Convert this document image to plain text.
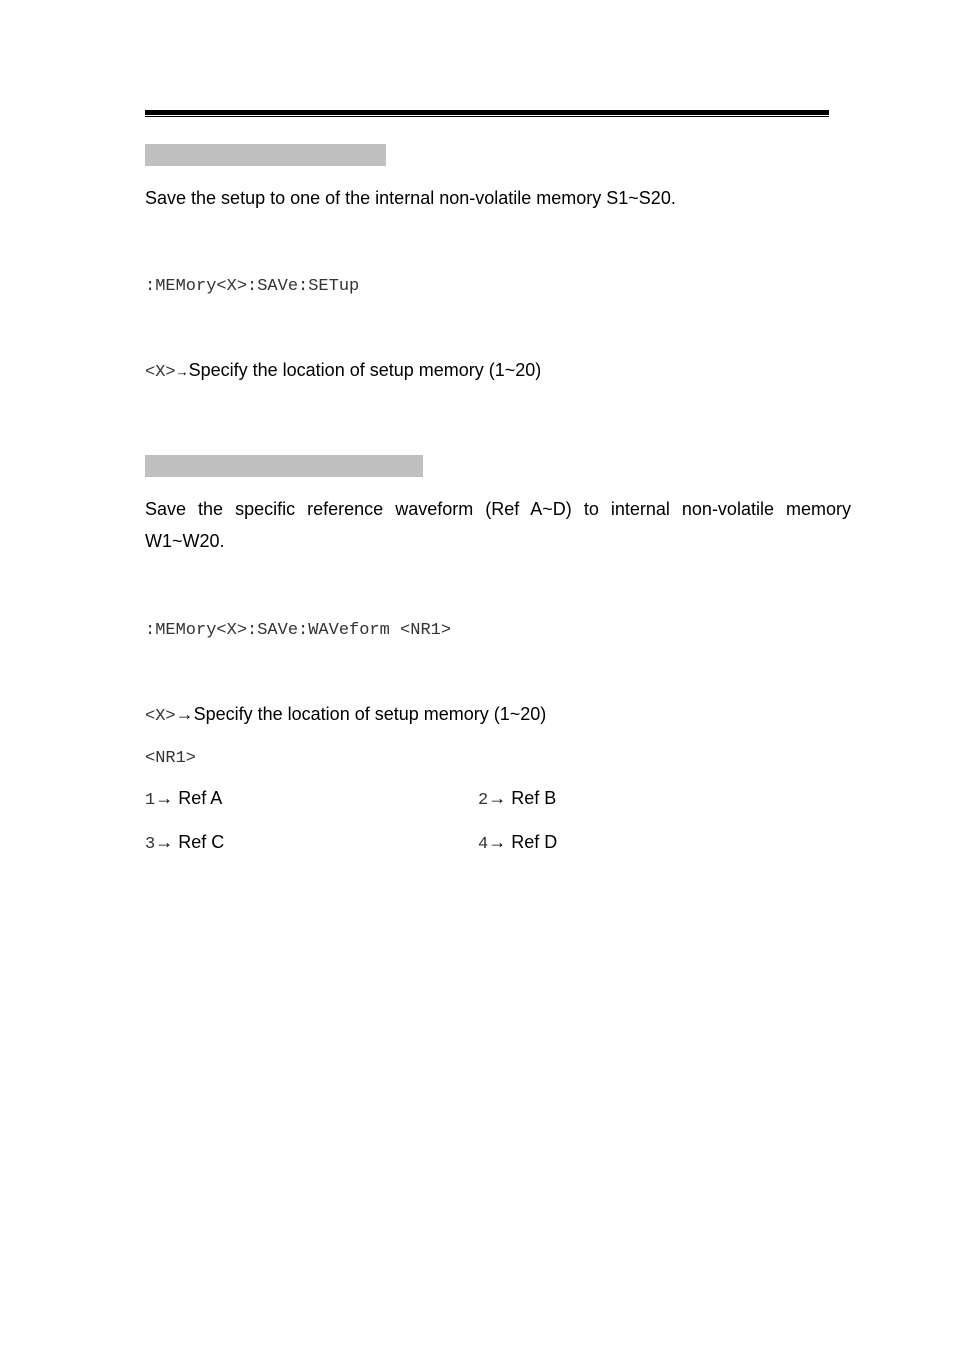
Save the setup to one of the internal non-volatile memory S1~S20.
:MEMory<X>:SAVe:SETup
<X>→Specify the location of setup memory (1~20)
Save the specific reference waveform (Ref A~D) to internal non-volatile memory W1~W20.
:MEMory<X>:SAVe:WAVeform <NR1>
<X>→Specify the location of setup memory (1~20)
<NR1>
1→ Ref A	2→ Ref B
3→ Ref C	4→ Ref D
